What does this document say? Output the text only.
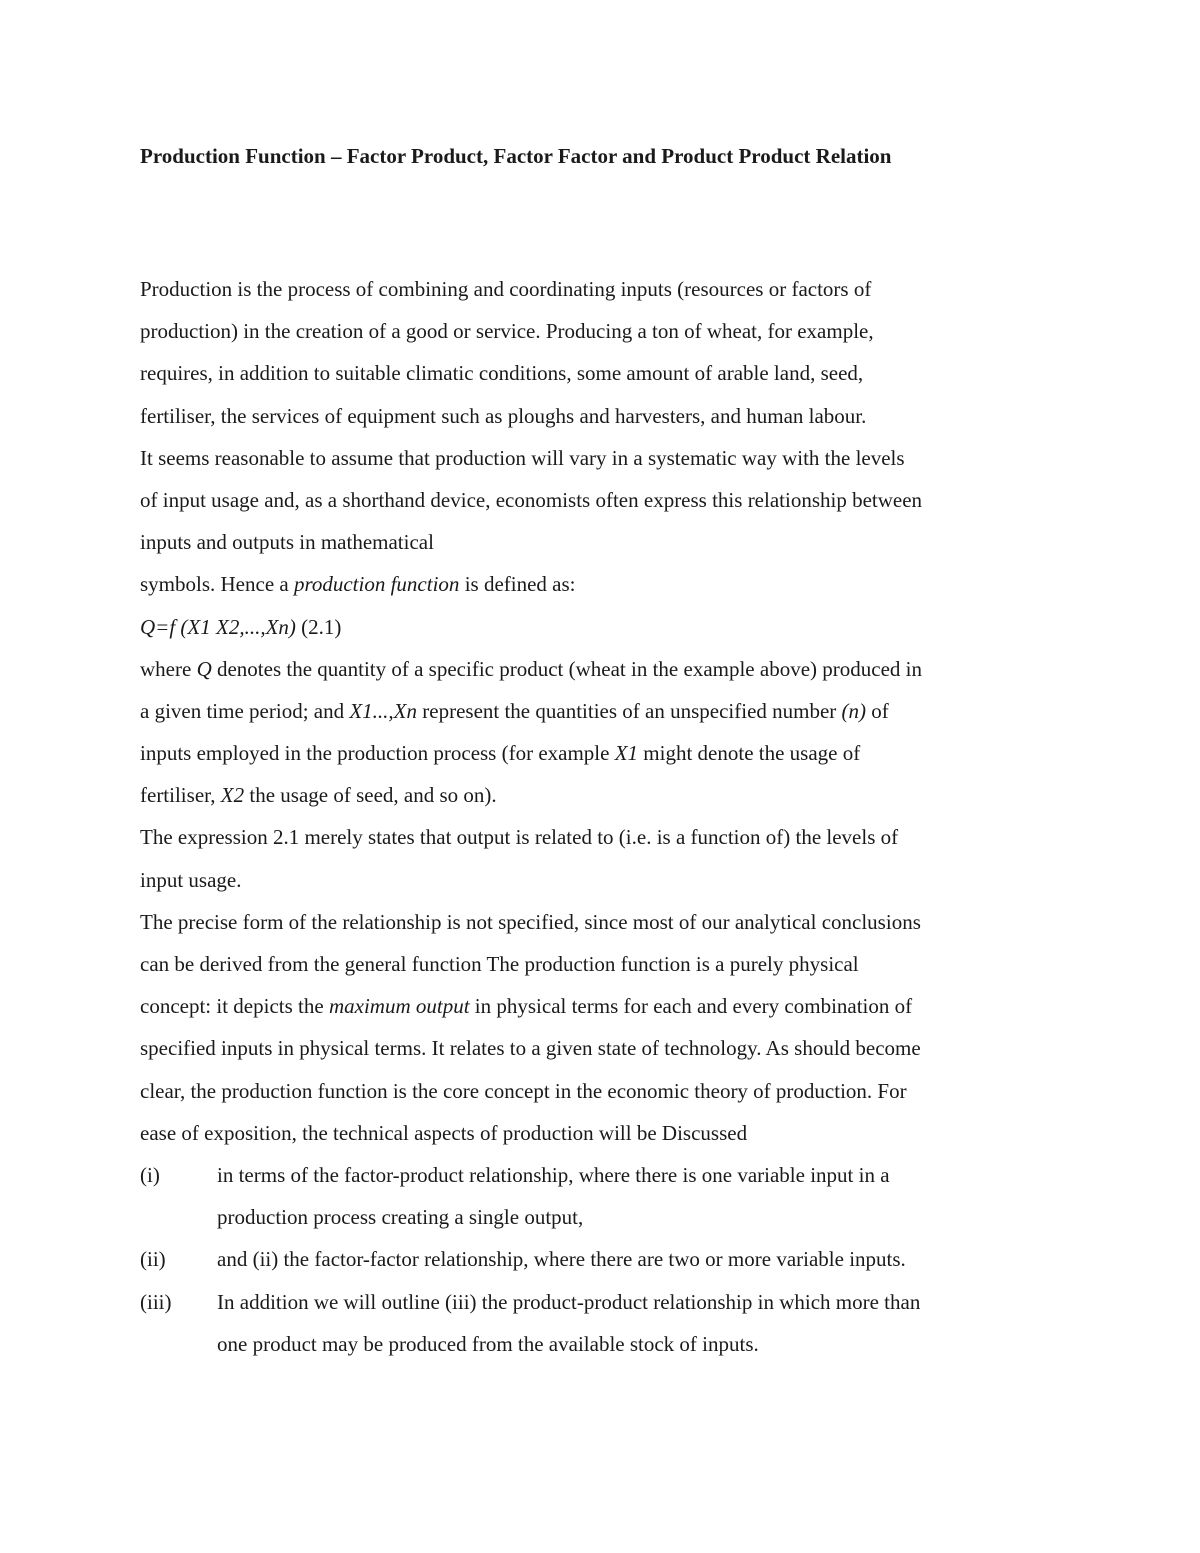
Production Function – Factor Product, Factor Factor and Product Product Relation
Production is the process of combining and coordinating inputs (resources or factors of
production) in the creation of a good or service. Producing a ton of wheat, for example,
requires, in addition to suitable climatic conditions, some amount of arable land, seed,
fertiliser, the services of equipment such as ploughs and harvesters, and human labour.
It seems reasonable to assume that production will vary in a systematic way with the levels
of input usage and, as a shorthand device, economists often express this relationship between
inputs and outputs in mathematical
symbols. Hence a production function is defined as:
Q=f (X1 X2,...,Xn) (2.1)
where Q denotes the quantity of a specific product (wheat in the example above) produced in
a given time period; and X1...,Xn represent the quantities of an unspecified number (n) of
inputs employed in the production process (for example X1 might denote the usage of
fertiliser, X2 the usage of seed, and so on).
The expression 2.1 merely states that output is related to (i.e. is a function of) the levels of
input usage.
The precise form of the relationship is not specified, since most of our analytical conclusions
can be derived from the general function The production function is a purely physical
concept: it depicts the maximum output in physical terms for each and every combination of
specified inputs in physical terms. It relates to a given state of technology. As should become
clear, the production function is the core concept in the economic theory of production. For
ease of exposition, the technical aspects of production will be Discussed
(i)	in terms of the factor-product relationship, where there is one variable input in a
production process creating a single output,
(ii)	and (ii) the factor-factor relationship, where there are two or more variable inputs.
(iii)	In addition we will outline (iii) the product-product relationship in which more than
one product may be produced from the available stock of inputs.
